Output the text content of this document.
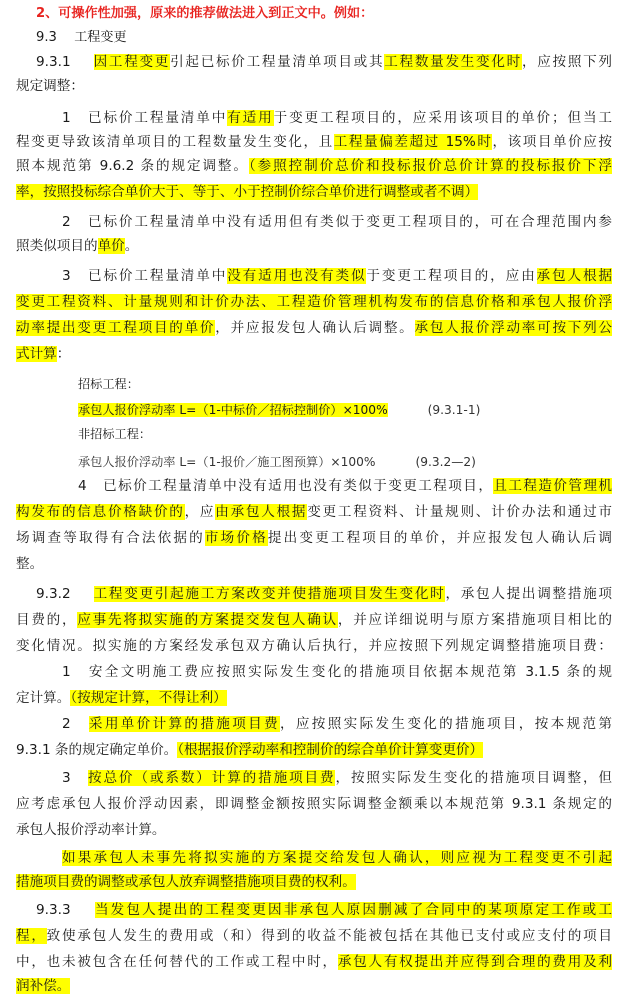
2、可操作性加强，原来的推荐做法进入到正文中。例如：
9.3　 工程变更
9.3.1　 因工程变更引起已标价工程量清单项目或其工程数量发生变化时，应按照下列
规定调整：
1　已标价工程量清单中有适用于变更工程项目的，应采用该项目的单价；但当工
程变更导致该清单项目的工程数量发生变化，且工程量偏差超过 15%时，该项目单价应按
照本规范第 9.6.2 条的规定调整。（参照控制价总价和投标报价总价计算的投标报价下浮
率，按照投标综合单价大于、等于、小于控制价综合单价进行调整或者不调）
2　已标价工程量清单中没有适用但有类似于变更工程项目的，可在合理范围内参
照类似项目的单价。
3　已标价工程量清单中没有适用也没有类似于变更工程项目的，应由承包人根据
变更工程资料、计量规则和计价办法、工程造价管理机构发布的信息价格和承包人报价浮
动率提出变更工程项目的单价，并应报发包人确认后调整。承包人报价浮动率可按下列公
式计算：
招标工程：
承包人报价浮动率 L=（1-中标价／招标控制价）×100%	(9.3.1-1)
非招标工程：
承包人报价浮动率 L=（1-报价／施工图预算）×100%	(9.3.2—2)
4　已标价工程量清单中没有适用也没有类似于变更工程项目，且工程造价管理机
构发布的信息价格缺价的，应由承包人根据变更工程资料、计量规则、计价办法和通过市
场调查等取得有合法依据的市场价格提出变更工程项目的单价，并应报发包人确认后调
整。
9.3.2　 工程变更引起施工方案改变并使措施项目发生变化时，承包人提出调整措施项
目费的，应事先将拟实施的方案提交发包人确认，并应详细说明与原方案措施项目相比的
变化情况。拟实施的方案经发承包双方确认后执行，并应按照下列规定调整措施项目费：
1　安全文明施工费应按照实际发生变化的措施项目依据本规范第 3.1.5 条的规
定计算。（按规定计算，不得让利）
2　采用单价计算的措施项目费，应按照实际发生变化的措施项目，按本规范第
9.3.1 条的规定确定单价。（根据报价浮动率和控制价的综合单价计算变更价）
3　按总价（或系数）计算的措施项目费，按照实际发生变化的措施项目调整，但
应考虑承包人报价浮动因素，即调整金额按照实际调整金额乘以本规范第 9.3.1 条规定的
承包人报价浮动率计算。
如果承包人未事先将拟实施的方案提交给发包人确认，则应视为工程变更不引起
措施项目费的调整或承包人放弃调整措施项目费的权利。
9.3.3　 当发包人提出的工程变更因非承包人原因删减了合同中的某项原定工作或工
程，致使承包人发生的费用或（和）得到的收益不能被包括在其他已支付或应支付的项目
中，也未被包含在任何替代的工作或工程中时，承包人有权提出并应得到合理的费用及利
润补偿。
